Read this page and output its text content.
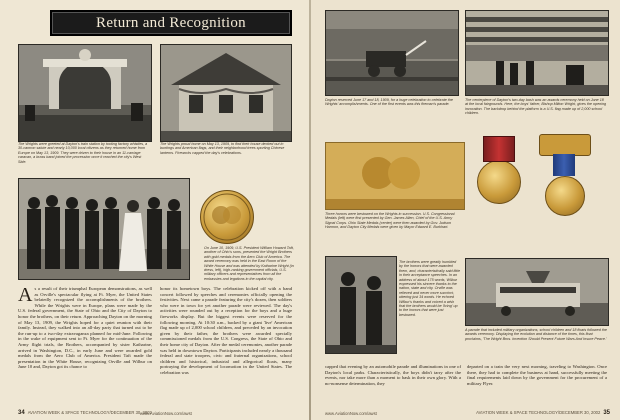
Return and Recognition
The Wrights were greeted at Dayton's train station by tooting factory whistles, a 30-cannon salute and nearly 10,000 local citizens as they returned home from Europe on May 13, 1909. They were driven to their house in an 11-carriage caravan, a brass band joined the procession once it reached the city's West Side.
The Wrights proud home on May 13, 1909, to find their house decked out in buntings and American flags, and their neighborhood trees sporting Chinese lanterns. Fireworks capped the day's celebrations.
On June 10, 1909, U.S. President William Howard Taft, another of Ohio's sons, presented the Wright Brothers with gold medals from the Aero Club of America. The award ceremony was held in the East Room of the White House and was attended by Katharine Wright (in dress, left), high-ranking government officials, U.S. military officers and representatives from all the embassies and legations in the capital city.

As a result of their triumphal European demonstrations, as well as Orville's spectacular flying at Ft. Myer, the United States belatedly recognized the accomplishments of the brothers. While the Wrights were in Europe, plans were made by the U.S. federal government, the State of Ohio and the City of Dayton to honor the brothers, on their return. Approaching Dayton on the morning of May 13, 1909, the Wrights hoped for a quiet reunion with their family. Instead, they walked into an all-day party that turned out to be the run-up to a two-day extravaganza planned for mid-June. Following in the wake of equipment sent to Ft. Myer for the continuation of the Army flight trials, the Brothers, accompanied by sister Katharine, arrived in Washington, D.C., in early June and were awarded gold medals from the Aero Club of America. President Taft made the presentation in the White House, recognizing Orville and Wilbur on June 10 and, Dayton got its chance to

honor its hometown boys. The celebration kicked off with a band concert followed by speeches and ceremonies officially opening the festivities. Next came a parade featuring the city's dozen, then soldiers who were in town for yet another parade were reviewed. The day's activities were rounded out by a reception for the boys and a huge fireworks display. But the biggest events were reserved for the following morning. At 10:30 a.m., backed by a giant 'live' American flag made up of 2,000 school children, and preceded by an invocation given by their father, the brothers were awarded specially commissioned medals from the U.S. Congress, the State of Ohio and their home city of Dayton. After the medal ceremonies, another parade was held in downtown Dayton. Participants included nearly a thousand federal and state troopers, civic and fraternal organizations, school children and historical, industrial and allegorical floats, many portraying the development of locomotion in the United States. The celebration was

34 AVIATION WEEK & SPACE TECHNOLOGY/DECEMBER 30, 2002
www.AviationNow.com/awst
Dayton reserved June 17 and 18, 1909, for a huge celebration to celebrate the Wrights' accomplishments. One of the first events was this fireman's parade.
The centerpiece of Dayton's two-day bash was an awards ceremony held on June 18 at the local fairgrounds. Here, the boys' father, Bishop Milton Wright, gives the opening invocation. The backdrop behind the platform is a U.S. flag made up of 2,000 school children.
Three honors were bestowed on the Wrights in succession. U.S. Congressional Medals (left) were first presented by Gen. James Allen, Chief of the U.S. Army Signal Corps. Ohio State Medals (center) were then awarded by Gov. Judson Harmon, and Dayton City Medals were given by Mayor Edward E. Burkhart.
The brothers were greatly humbled by the honors that were awarded them, and, characteristically said little in their acceptance speeches. In an address of about 175 words, Wilbur expressed his sincere thanks to the nation, state and city. Orville was relieved and never more succinct, uttering just 34 words. He echoed Wilbur's thanks and voiced a wish that the brothers would be 'living' up to the honors that were just bestowed.
A parade that included military organizations, school children and 18 floats followed the awards ceremony. Displaying the evolution and distance of the times, this float proclaims, 'The Wright Bros. Invention Should Present Future Wars And Insure Peace.'

capped that evening by an automobile parade and illuminations in one of Dayton's local parks. Characteristically, the boys didn't tarry after the events, nor take more than a moment to bask in their own glory. With a no-nonsense determination, they

departed on a train the very next morning, traveling to Washington. Once there, they had to complete the business at hand, successfully meeting the final requirements laid down by the government for the procurement of a military Flyer.

www.AviationNow.com/awst	AVIATION WEEK & SPACE TECHNOLOGY/DECEMBER 30, 2002 35
